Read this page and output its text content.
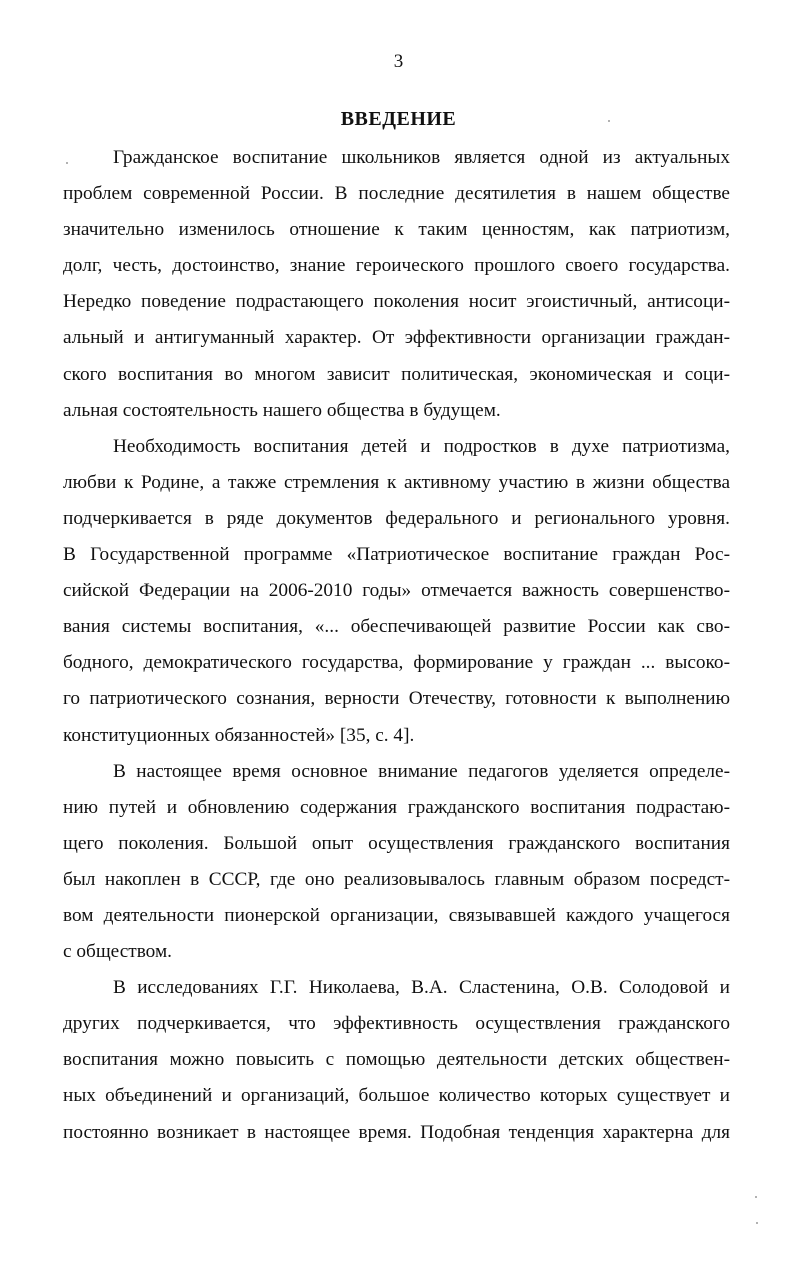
3
ВВЕДЕНИЕ
Гражданское воспитание школьников является одной из актуальных
проблем современной России. В последние десятилетия в нашем обществе
значительно изменилось отношение к таким ценностям, как патриотизм,
долг, честь, достоинство, знание героического прошлого своего государства.
Нередко поведение подрастающего поколения носит эгоистичный, антисоци-
альный и антигуманный характер. От эффективности организации граждан-
ского воспитания во многом зависит политическая, экономическая и соци-
альная состоятельность нашего общества в будущем.
Необходимость воспитания детей и подростков в духе патриотизма,
любви к Родине, а также стремления к активному участию в жизни общества
подчеркивается в ряде документов федерального и регионального уровня.
В Государственной программе «Патриотическое воспитание граждан Рос-
сийской Федерации на 2006-2010 годы» отмечается важность совершенство-
вания системы воспитания, «... обеспечивающей развитие России как сво-
бодного, демократического государства, формирование у граждан ... высоко-
го патриотического сознания, верности Отечеству, готовности к выполнению
конституционных обязанностей» [35, с. 4].
В настоящее время основное внимание педагогов уделяется определе-
нию путей и обновлению содержания гражданского воспитания подрастаю-
щего поколения. Большой опыт осуществления гражданского воспитания
был накоплен в СССР, где оно реализовывалось главным образом посредст-
вом деятельности пионерской организации, связывавшей каждого учащегося
с обществом.
В исследованиях Г.Г. Николаева, В.А. Сластенина, О.В. Солодовой и
других подчеркивается, что эффективность осуществления гражданского
воспитания можно повысить с помощью деятельности детских обществен-
ных объединений и организаций, большое количество которых существует и
постоянно возникает в настоящее время. Подобная тенденция характерна для
